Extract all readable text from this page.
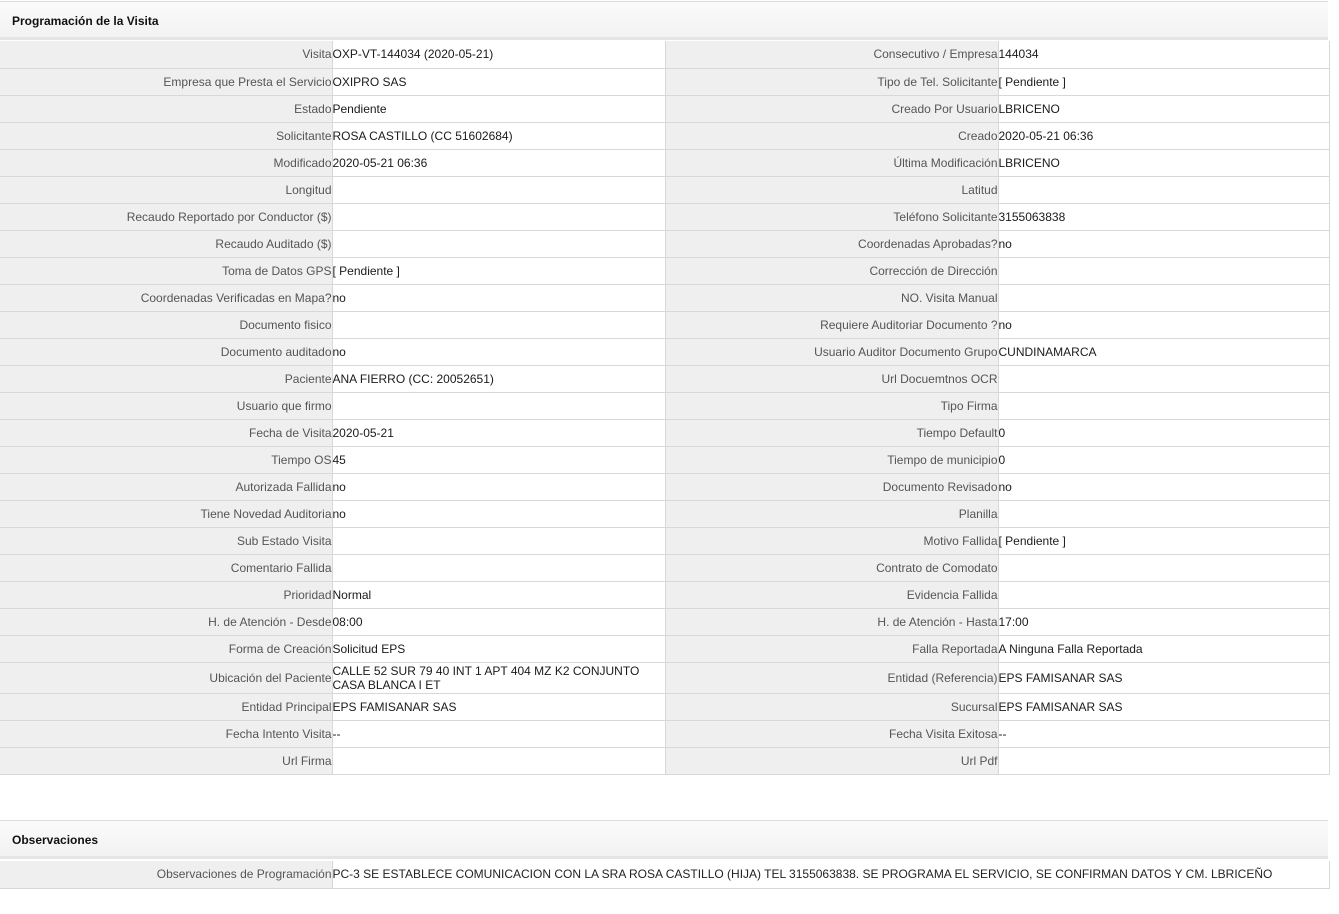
Programación de la Visita
Visita	OXP-VT-144034 (2020-05-21)	Consecutivo / Empresa	144034
Empresa que Presta el Servicio	OXIPRO SAS	Tipo de Tel. Solicitante	[ Pendiente ]
Estado	Pendiente	Creado Por Usuario	LBRICENO
Solicitante	ROSA CASTILLO (CC 51602684)	Creado	2020-05-21 06:36
Modificado	2020-05-21 06:36	Última Modificación	LBRICENO
Longitud		Latitud	
Recaudo Reportado por Conductor ($)		Teléfono Solicitante	3155063838
Recaudo Auditado ($)		Coordenadas Aprobadas?	no
Toma de Datos GPS	[ Pendiente ]	Corrección de Dirección	
Coordenadas Verificadas en Mapa?	no	NO. Visita Manual	
Documento fisico		Requiere Auditoriar Documento ?	no
Documento auditado	no	Usuario Auditor Documento Grupo	CUNDINAMARCA
Paciente	ANA FIERRO (CC: 20052651)	Url Docuemtnos OCR	
Usuario que firmo		Tipo Firma	
Fecha de Visita	2020-05-21	Tiempo Default	0
Tiempo OS	45	Tiempo de municipio	0
Autorizada Fallida	no	Documento Revisado	no
Tiene Novedad Auditoria	no	Planilla	
Sub Estado Visita		Motivo Fallida	[ Pendiente ]
Comentario Fallida		Contrato de Comodato	
Prioridad	Normal	Evidencia Fallida	
H. de Atención - Desde	08:00	H. de Atención - Hasta	17:00
Forma de Creación	Solicitud EPS	Falla Reportada	A Ninguna Falla Reportada
Ubicación del Paciente	CALLE 52 SUR 79 40 INT 1 APT 404 MZ K2 CONJUNTO CASA BLANCA I ET	Entidad (Referencia)	EPS FAMISANAR SAS
Entidad Principal	EPS FAMISANAR SAS	Sucursal	EPS FAMISANAR SAS
Fecha Intento Visita	--	Fecha Visita Exitosa	--
Url Firma		Url Pdf	
Observaciones
Observaciones de Programación	PC-3 SE ESTABLECE COMUNICACION CON LA SRA ROSA CASTILLO (HIJA) TEL 3155063838. SE PROGRAMA EL SERVICIO, SE CONFIRMAN DATOS Y CM. LBRICEÑO
